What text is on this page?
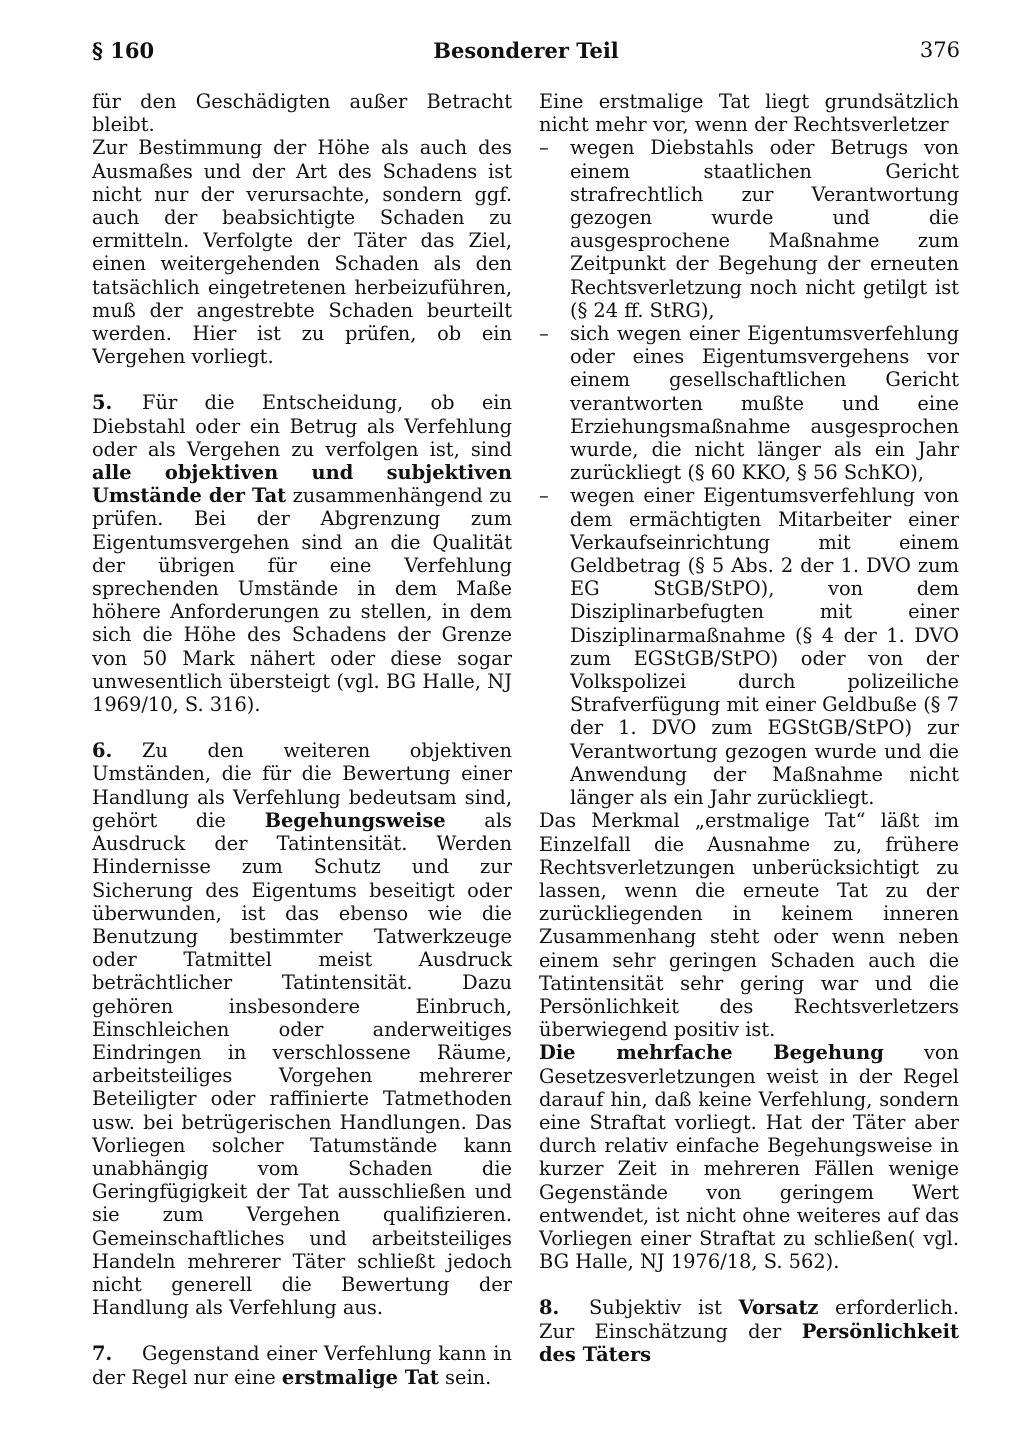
§ 160	Besonderer Teil	376

für den Geschädigten außer Betracht bleibt.

Zur Bestimmung der Höhe als auch des Ausmaßes und der Art des Schadens ist nicht nur der verursachte, sondern ggf. auch der beabsichtigte Schaden zu ermitteln. Verfolgte der Täter das Ziel, einen weitergehenden Schaden als den tatsächlich eingetretenen herbeizuführen, muß der angestrebte Schaden beurteilt werden. Hier ist zu prüfen, ob ein Vergehen vorliegt.

5. Für die Entscheidung, ob ein Diebstahl oder ein Betrug als Verfehlung oder als Vergehen zu verfolgen ist, sind alle objektiven und subjektiven Umstände der Tat zusammenhängend zu prüfen. Bei der Abgrenzung zum Eigentumsvergehen sind an die Qualität der übrigen für eine Verfehlung sprechenden Umstände in dem Maße höhere Anforderungen zu stellen, in dem sich die Höhe des Schadens der Grenze von 50 Mark nähert oder diese sogar unwesentlich übersteigt (vgl. BG Halle, NJ 1969/10, S. 316).

6. Zu den weiteren objektiven Umständen, die für die Bewertung einer Handlung als Verfehlung bedeutsam sind, gehört die Begehungsweise als Ausdruck der Tatintensität. Werden Hindernisse zum Schutz und zur Sicherung des Eigentums beseitigt oder überwunden, ist das ebenso wie die Benutzung bestimmter Tatwerkzeuge oder Tatmittel meist Ausdruck beträchtlicher Tatintensität. Dazu gehören insbesondere Einbruch, Einschleichen oder anderweitiges Eindringen in verschlossene Räume, arbeitsteiliges Vorgehen mehrerer Beteiligter oder raffinierte Tatmethoden usw. bei betrügerischen Handlungen. Das Vorliegen solcher Tatumstände kann unabhängig vom Schaden die Geringfügigkeit der Tat ausschließen und sie zum Vergehen qualifizieren. Gemeinschaftliches und arbeitsteiliges Handeln mehrerer Täter schließt jedoch nicht generell die Bewertung der Handlung als Verfehlung aus.

7. Gegenstand einer Verfehlung kann in der Regel nur eine erstmalige Tat sein.

Eine erstmalige Tat liegt grundsätzlich nicht mehr vor, wenn der Rechtsverletzer

– wegen Diebstahls oder Betrugs von einem staatlichen Gericht strafrechtlich zur Verantwortung gezogen wurde und die ausgesprochene Maßnahme zum Zeitpunkt der Begehung der erneuten Rechtsverletzung noch nicht getilgt ist (§ 24 ff. StRG),
– sich wegen einer Eigentumsverfehlung oder eines Eigentumsvergehens vor einem gesellschaftlichen Gericht verantworten mußte und eine Erziehungsmaßnahme ausgesprochen wurde, die nicht länger als ein Jahr zurückliegt (§ 60 KKO, § 56 SchKO),
– wegen einer Eigentumsverfehlung von dem ermächtigten Mitarbeiter einer Verkaufseinrichtung mit einem Geldbetrag (§ 5 Abs. 2 der 1. DVO zum EG StGB/StPO), von dem Disziplinarbefugten mit einer Disziplinarmaßnahme (§ 4 der 1. DVO zum EGStGB/StPO) oder von der Volkspolizei durch polizeiliche Strafverfügung mit einer Geldbuße (§ 7 der 1. DVO zum EGStGB/StPO) zur Verantwortung gezogen wurde und die Anwendung der Maßnahme nicht länger als ein Jahr zurückliegt.

Das Merkmal „erstmalige Tat“ läßt im Einzelfall die Ausnahme zu, frühere Rechtsverletzungen unberücksichtigt zu lassen, wenn die erneute Tat zu der zurückliegenden in keinem inneren Zusammenhang steht oder wenn neben einem sehr geringen Schaden auch die Tatintensität sehr gering war und die Persönlichkeit des Rechtsverletzers überwiegend positiv ist.

Die mehrfache Begehung von Gesetzesverletzungen weist in der Regel darauf hin, daß keine Verfehlung, sondern eine Straftat vorliegt. Hat der Täter aber durch relativ einfache Begehungsweise in kurzer Zeit in mehreren Fällen wenige Gegenstände von geringem Wert entwendet, ist nicht ohne weiteres auf das Vorliegen einer Straftat zu schließen( vgl. BG Halle, NJ 1976/18, S. 562).

8. Subjektiv ist Vorsatz erforderlich. Zur Einschätzung der Persönlichkeit des Täters
